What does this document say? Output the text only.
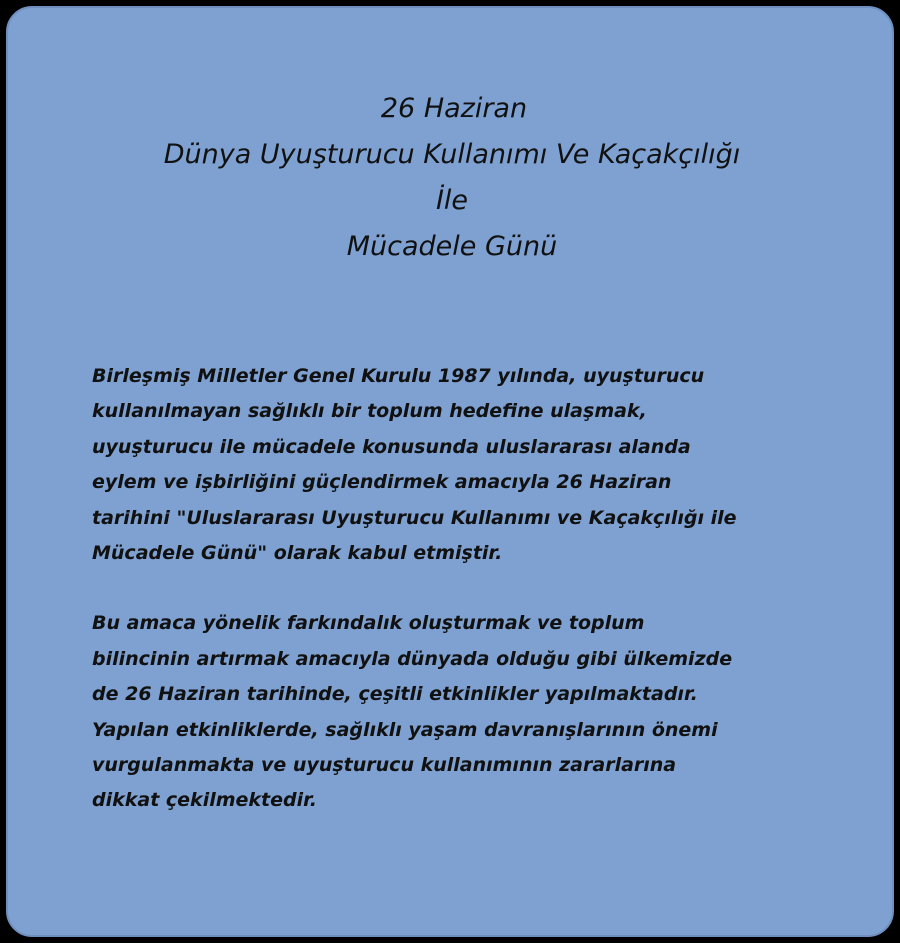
26 Haziran
Dünya Uyuşturucu Kullanımı Ve Kaçakçılığı
İle
Mücadele Günü

Birleşmiş Milletler Genel Kurulu 1987 yılında, uyuşturucu
kullanılmayan sağlıklı bir toplum hedefine ulaşmak,
uyuşturucu ile mücadele konusunda uluslararası alanda
eylem ve işbirliğini güçlendirmek amacıyla 26 Haziran
tarihini "Uluslararası Uyuşturucu Kullanımı ve Kaçakçılığı ile
Mücadele Günü" olarak kabul etmiştir.

Bu amaca yönelik farkındalık oluşturmak ve toplum
bilincinin artırmak amacıyla dünyada olduğu gibi ülkemizde
de 26 Haziran tarihinde, çeşitli etkinlikler yapılmaktadır.
Yapılan etkinliklerde, sağlıklı yaşam davranışlarının önemi
vurgulanmakta ve uyuşturucu kullanımının zararlarına
dikkat çekilmektedir.
